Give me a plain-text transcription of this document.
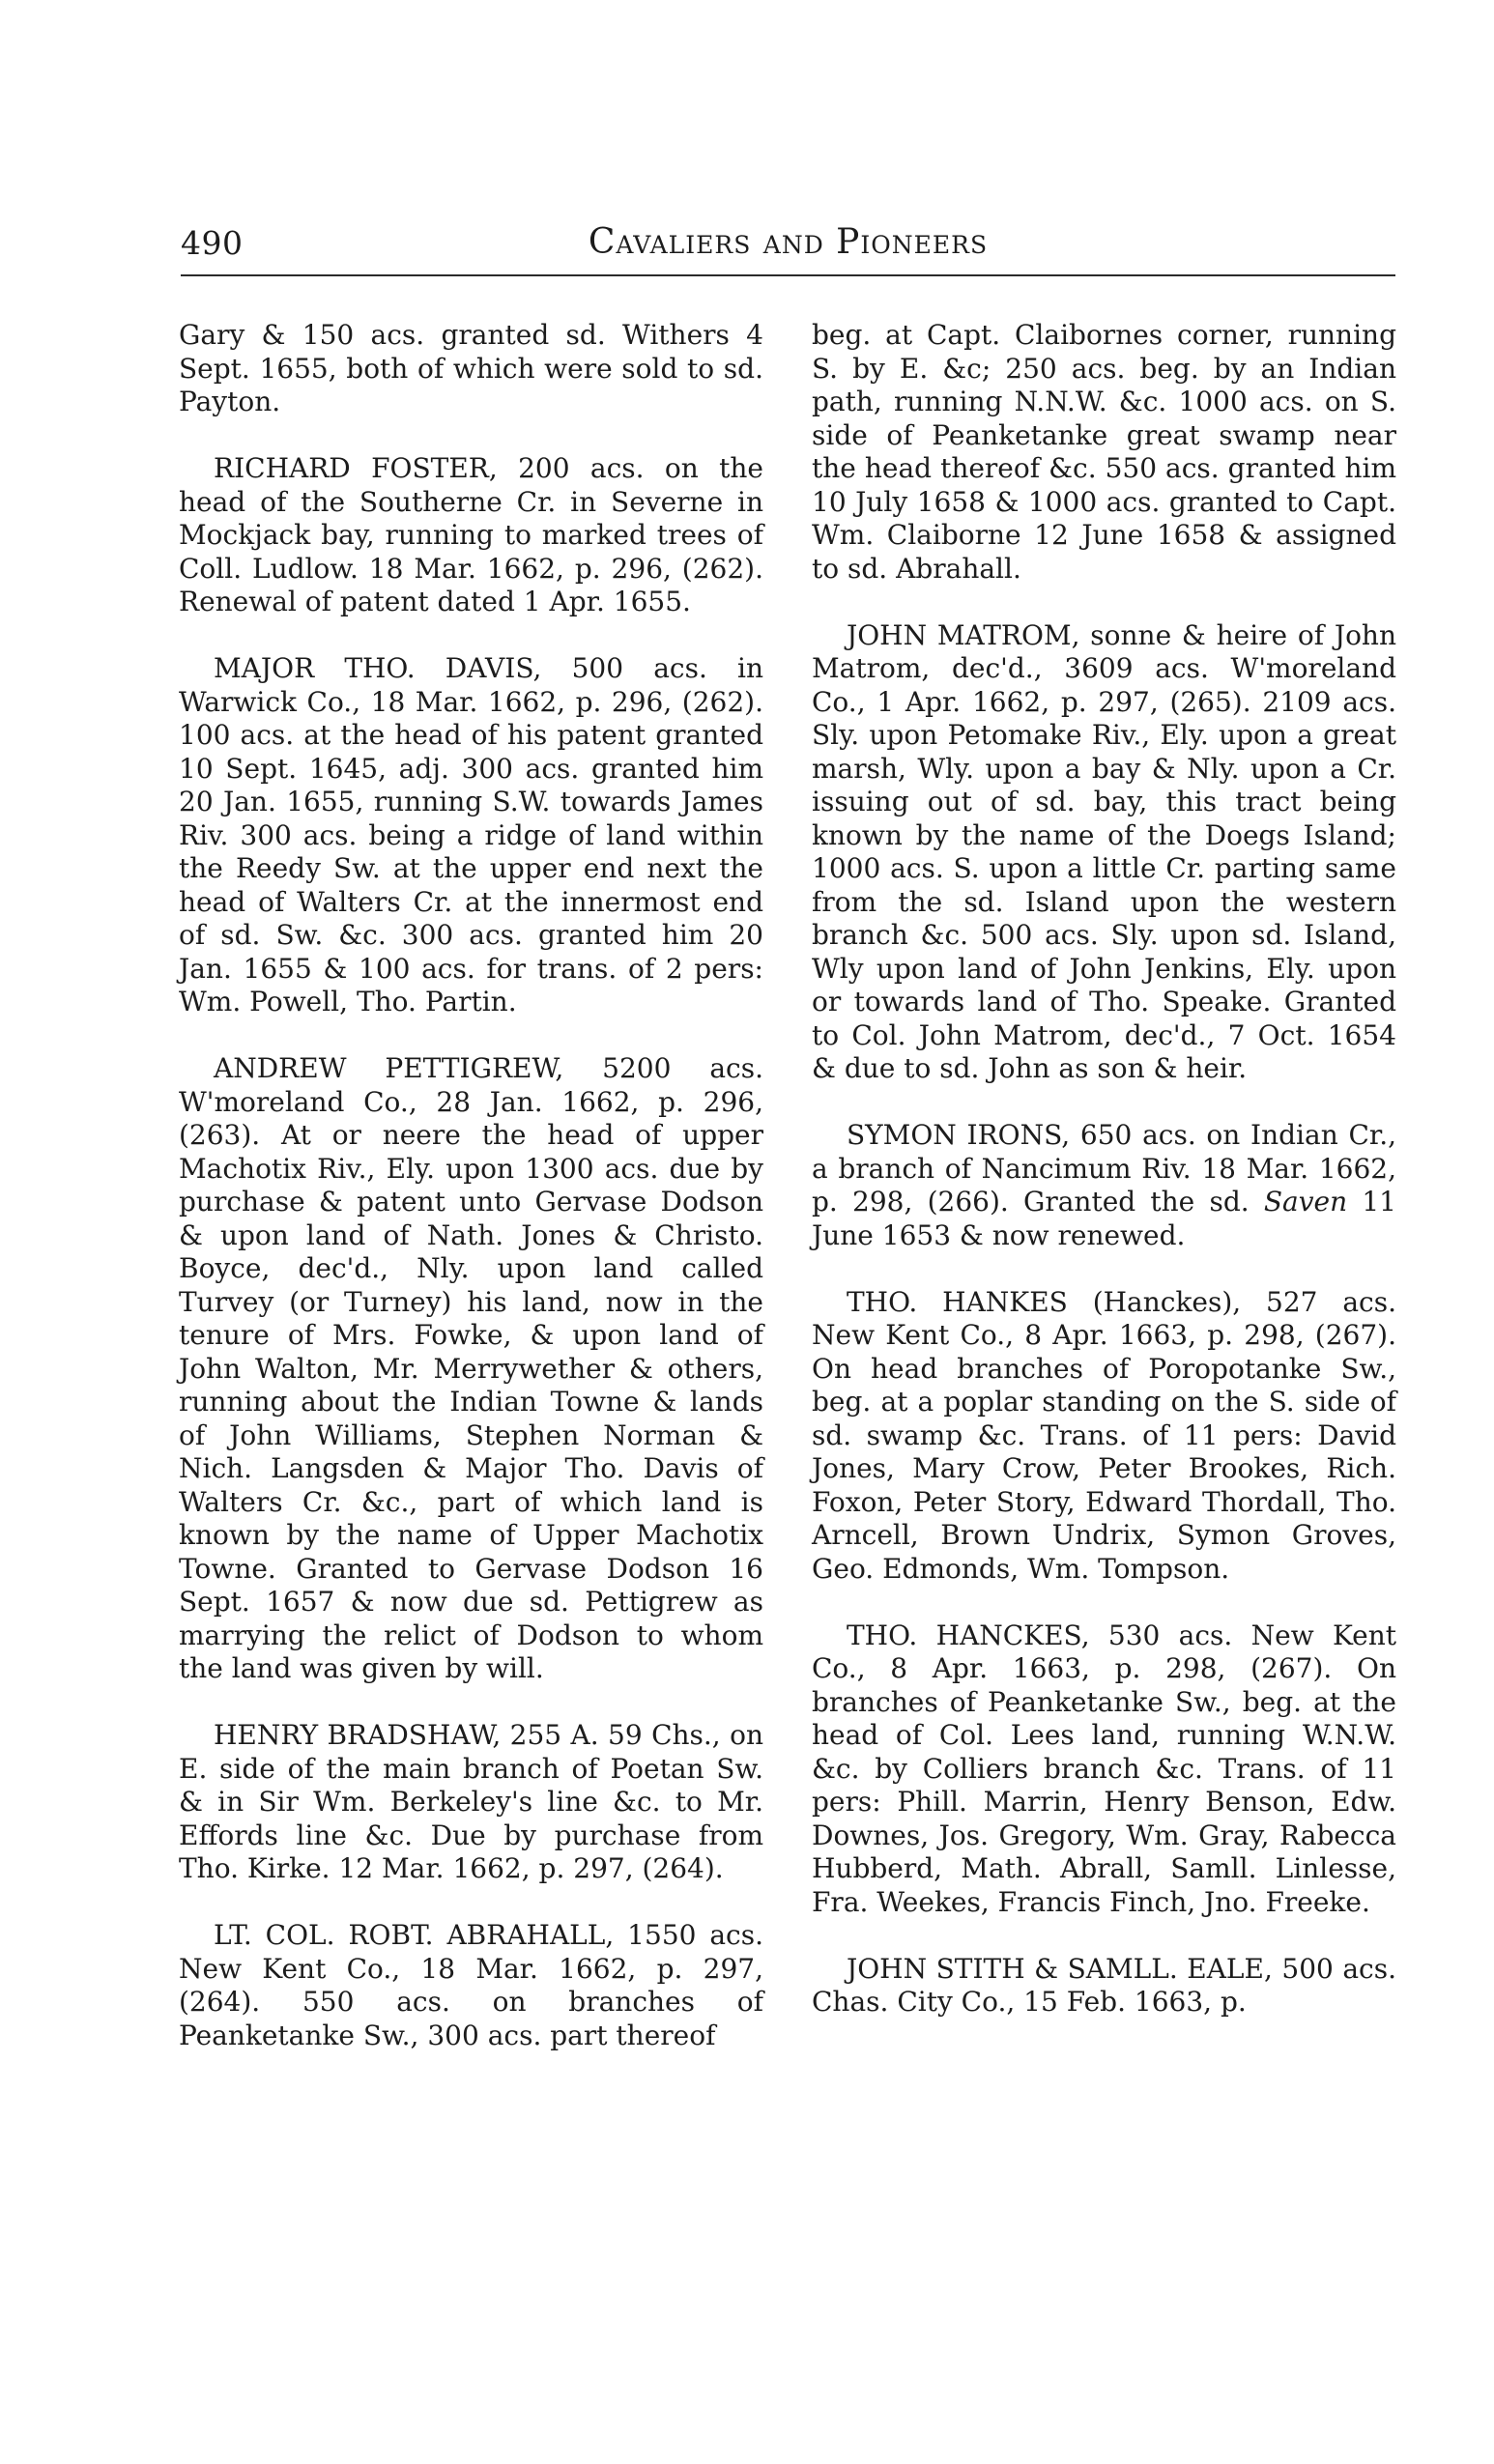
490	Cavaliers and Pioneers

Gary & 150 acs. granted sd. Withers 4 Sept. 1655, both of which were sold to sd. Payton.

RICHARD FOSTER, 200 acs. on the head of the Southerne Cr. in Severne in Mockjack bay, running to marked trees of Coll. Ludlow. 18 Mar. 1662, p. 296, (262). Renewal of patent dated 1 Apr. 1655.

MAJOR THO. DAVIS, 500 acs. in Warwick Co., 18 Mar. 1662, p. 296, (262). 100 acs. at the head of his patent granted 10 Sept. 1645, adj. 300 acs. granted him 20 Jan. 1655, running S.W. towards James Riv. 300 acs. being a ridge of land within the Reedy Sw. at the upper end next the head of Walters Cr. at the innermost end of sd. Sw. &c. 300 acs. granted him 20 Jan. 1655 & 100 acs. for trans. of 2 pers: Wm. Powell, Tho. Partin.

ANDREW PETTIGREW, 5200 acs. W'moreland Co., 28 Jan. 1662, p. 296, (263). At or neere the head of upper Machotix Riv., Ely. upon 1300 acs. due by purchase & patent unto Gervase Dodson & upon land of Nath. Jones & Christo. Boyce, dec'd., Nly. upon land called Turvey (or Turney) his land, now in the tenure of Mrs. Fowke, & upon land of John Walton, Mr. Merrywether & others, running about the Indian Towne & lands of John Williams, Stephen Norman & Nich. Langsden & Major Tho. Davis of Walters Cr. &c., part of which land is known by the name of Upper Machotix Towne. Granted to Gervase Dodson 16 Sept. 1657 & now due sd. Pettigrew as marrying the relict of Dodson to whom the land was given by will.

HENRY BRADSHAW, 255 A. 59 Chs., on E. side of the main branch of Poetan Sw. & in Sir Wm. Berkeley's line &c. to Mr. Effords line &c. Due by purchase from Tho. Kirke. 12 Mar. 1662, p. 297, (264).

LT. COL. ROBT. ABRAHALL, 1550 acs. New Kent Co., 18 Mar. 1662, p. 297, (264). 550 acs. on branches of Peanketanke Sw., 300 acs. part thereof

beg. at Capt. Claibornes corner, running S. by E. &c; 250 acs. beg. by an Indian path, running N.N.W. &c. 1000 acs. on S. side of Peanketanke great swamp near the head thereof &c. 550 acs. granted him 10 July 1658 & 1000 acs. granted to Capt. Wm. Claiborne 12 June 1658 & assigned to sd. Abrahall.

JOHN MATROM, sonne & heire of John Matrom, dec'd., 3609 acs. W'moreland Co., 1 Apr. 1662, p. 297, (265). 2109 acs. Sly. upon Petomake Riv., Ely. upon a great marsh, Wly. upon a bay & Nly. upon a Cr. issuing out of sd. bay, this tract being known by the name of the Doegs Island; 1000 acs. S. upon a little Cr. parting same from the sd. Island upon the western branch &c. 500 acs. Sly. upon sd. Island, Wly upon land of John Jenkins, Ely. upon or towards land of Tho. Speake. Granted to Col. John Matrom, dec'd., 7 Oct. 1654 & due to sd. John as son & heir.

SYMON IRONS, 650 acs. on Indian Cr., a branch of Nancimum Riv. 18 Mar. 1662, p. 298, (266). Granted the sd. Saven 11 June 1653 & now renewed.

THO. HANKES (Hanckes), 527 acs. New Kent Co., 8 Apr. 1663, p. 298, (267). On head branches of Poropotanke Sw., beg. at a poplar standing on the S. side of sd. swamp &c. Trans. of 11 pers: David Jones, Mary Crow, Peter Brookes, Rich. Foxon, Peter Story, Edward Thordall, Tho. Arncell, Brown Undrix, Symon Groves, Geo. Edmonds, Wm. Tompson.

THO. HANCKES, 530 acs. New Kent Co., 8 Apr. 1663, p. 298, (267). On branches of Peanketanke Sw., beg. at the head of Col. Lees land, running W.N.W. &c. by Colliers branch &c. Trans. of 11 pers: Phill. Marrin, Henry Benson, Edw. Downes, Jos. Gregory, Wm. Gray, Rabecca Hubberd, Math. Abrall, Samll. Linlesse, Fra. Weekes, Francis Finch, Jno. Freeke.

JOHN STITH & SAMLL. EALE, 500 acs. Chas. City Co., 15 Feb. 1663, p.
